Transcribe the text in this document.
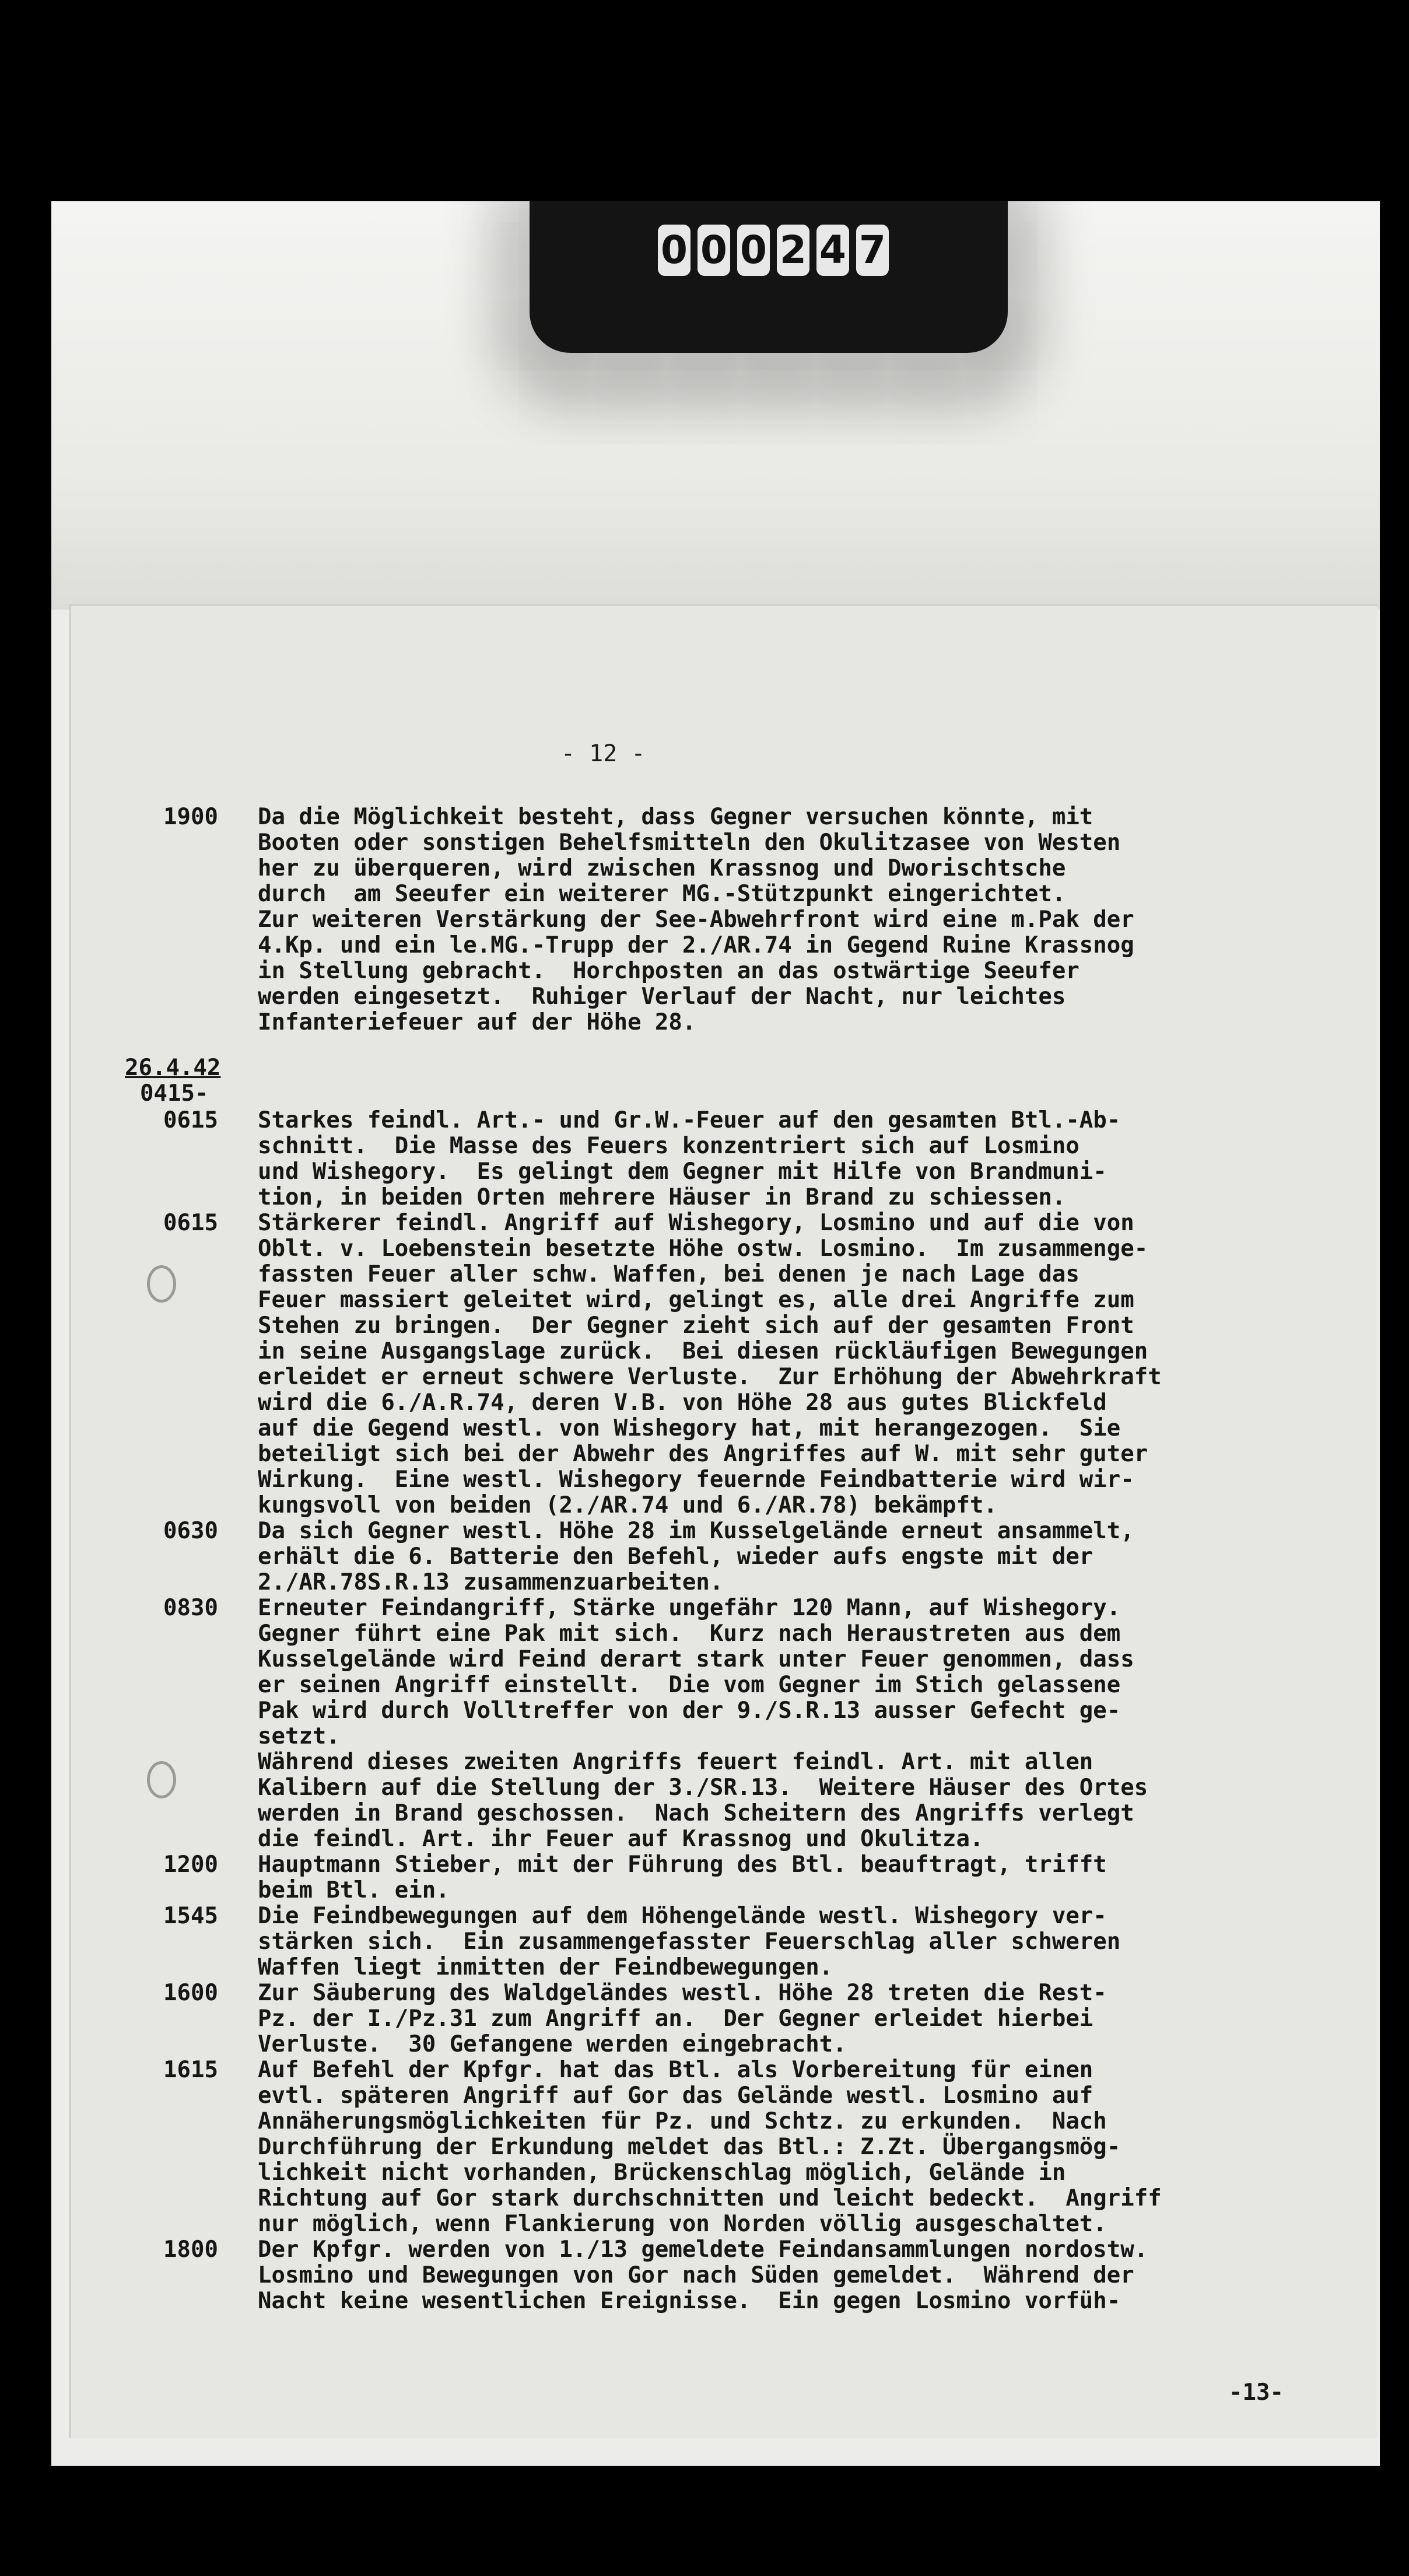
0 0 0 2 4 7
- 12 -
1900	Da die Möglichkeit besteht, dass Gegner versuchen könnte, mit
Booten oder sonstigen Behelfsmitteln den Okulitzasee von Westen
her zu überqueren, wird zwischen Krassnog und Dworischtsche
durch  am Seeufer ein weiterer MG.-Stützpunkt eingerichtet.
Zur weiteren Verstärkung der See-Abwehrfront wird eine m.Pak der
4.Kp. und ein le.MG.-Trupp der 2./AR.74 in Gegend Ruine Krassnog
in Stellung gebracht.  Horchposten an das ostwärtige Seeufer
werden eingesetzt.  Ruhiger Verlauf der Nacht, nur leichtes
Infanteriefeuer auf der Höhe 28.
26.4.42
0415-
0615	Starkes feindl. Art.- und Gr.W.-Feuer auf den gesamten Btl.-Ab-
schnitt.  Die Masse des Feuers konzentriert sich auf Losmino
und Wishegory.  Es gelingt dem Gegner mit Hilfe von Brandmuni-
tion, in beiden Orten mehrere Häuser in Brand zu schiessen.
0615	Stärkerer feindl. Angriff auf Wishegory, Losmino und auf die von
Oblt. v. Loebenstein besetzte Höhe ostw. Losmino.  Im zusammenge-
fassten Feuer aller schw. Waffen, bei denen je nach Lage das
Feuer massiert geleitet wird, gelingt es, alle drei Angriffe zum
Stehen zu bringen.  Der Gegner zieht sich auf der gesamten Front
in seine Ausgangslage zurück.  Bei diesen rückläufigen Bewegungen
erleidet er erneut schwere Verluste.  Zur Erhöhung der Abwehrkraft
wird die 6./A.R.74, deren V.B. von Höhe 28 aus gutes Blickfeld
auf die Gegend westl. von Wishegory hat, mit herangezogen.  Sie
beteiligt sich bei der Abwehr des Angriffes auf W. mit sehr guter
Wirkung.  Eine westl. Wishegory feuernde Feindbatterie wird wir-
kungsvoll von beiden (2./AR.74 und 6./AR.78) bekämpft.
0630	Da sich Gegner westl. Höhe 28 im Kusselgelände erneut ansammelt,
erhält die 6. Batterie den Befehl, wieder aufs engste mit der
2./AR.78S.R.13 zusammenzuarbeiten.
0830	Erneuter Feindangriff, Stärke ungefähr 120 Mann, auf Wishegory.
Gegner führt eine Pak mit sich.  Kurz nach Heraustreten aus dem
Kusselgelände wird Feind derart stark unter Feuer genommen, dass
er seinen Angriff einstellt.  Die vom Gegner im Stich gelassene
Pak wird durch Volltreffer von der 9./S.R.13 ausser Gefecht ge-
setzt.
Während dieses zweiten Angriffs feuert feindl. Art. mit allen
Kalibern auf die Stellung der 3./SR.13.  Weitere Häuser des Ortes
werden in Brand geschossen.  Nach Scheitern des Angriffs verlegt
die feindl. Art. ihr Feuer auf Krassnog und Okulitza.
1200	Hauptmann Stieber, mit der Führung des Btl. beauftragt, trifft
beim Btl. ein.
1545	Die Feindbewegungen auf dem Höhengelände westl. Wishegory ver-
stärken sich.  Ein zusammengefasster Feuerschlag aller schweren
Waffen liegt inmitten der Feindbewegungen.
1600	Zur Säuberung des Waldgeländes westl. Höhe 28 treten die Rest-
Pz. der I./Pz.31 zum Angriff an.  Der Gegner erleidet hierbei
Verluste.  30 Gefangene werden eingebracht.
1615	Auf Befehl der Kpfgr. hat das Btl. als Vorbereitung für einen
evtl. späteren Angriff auf Gor das Gelände westl. Losmino auf
Annäherungsmöglichkeiten für Pz. und Schtz. zu erkunden.  Nach
Durchführung der Erkundung meldet das Btl.: Z.Zt. Übergangsmög-
lichkeit nicht vorhanden, Brückenschlag möglich, Gelände in
Richtung auf Gor stark durchschnitten und leicht bedeckt.  Angriff
nur möglich, wenn Flankierung von Norden völlig ausgeschaltet.
1800	Der Kpfgr. werden von 1./13 gemeldete Feindansammlungen nordostw.
Losmino und Bewegungen von Gor nach Süden gemeldet.  Während der
Nacht keine wesentlichen Ereignisse.  Ein gegen Losmino vorfüh-
-13-
